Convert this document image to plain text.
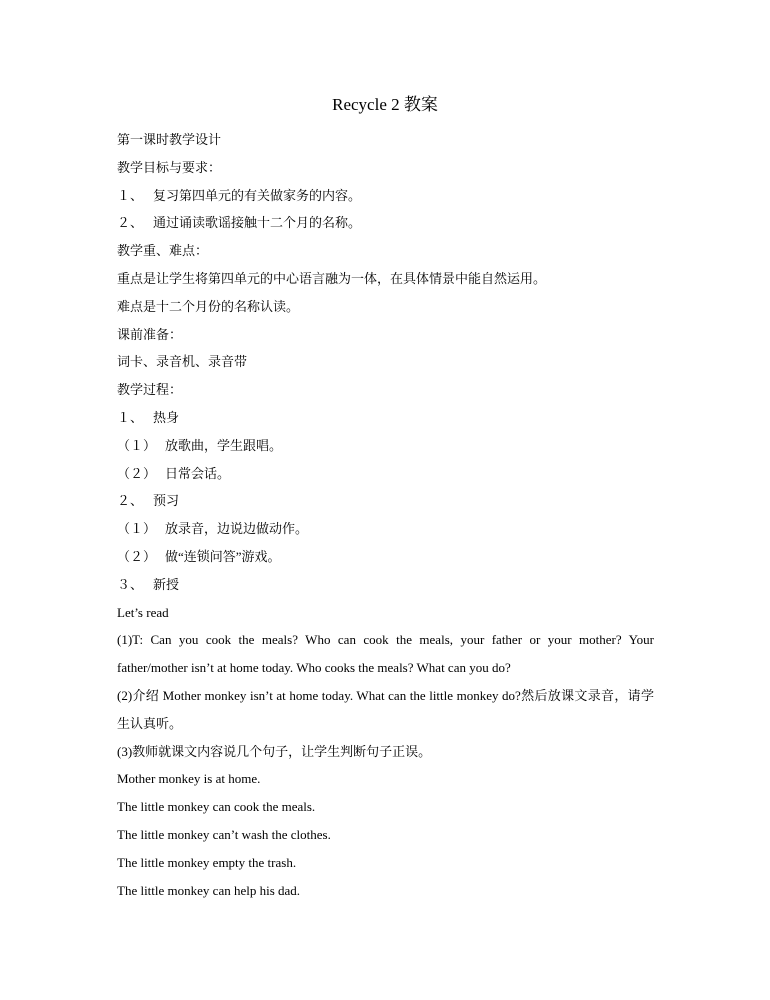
Recycle 2 教案

第一课时教学设计

教学目标与要求：

１、 复习第四单元的有关做家务的内容。

２、 通过诵读歌谣接触十二个月的名称。

教学重、难点：

重点是让学生将第四单元的中心语言融为一体，在具体情景中能自然运用。

难点是十二个月份的名称认读。

课前准备：

词卡、录音机、录音带

教学过程：

１、 热身

（１） 放歌曲，学生跟唱。

（２） 日常会话。

２、 预习

（１） 放录音，边说边做动作。

（２） 做“连锁问答”游戏。

３、 新授

Let’s read

(1)T: Can you cook the meals? Who can cook the meals, your father or your mother? Your father/mother isn’t at home today. Who cooks the meals? What can you do?

(2)介绍 Mother monkey isn’t at home today. What can the little monkey do?然后放课文录音，请学生认真听。

(3)教师就课文内容说几个句子，让学生判断句子正误。

Mother monkey is at home.

The little monkey can cook the meals.

The little monkey can’t wash the clothes.

The little monkey empty the trash.

The little monkey can help his dad.
